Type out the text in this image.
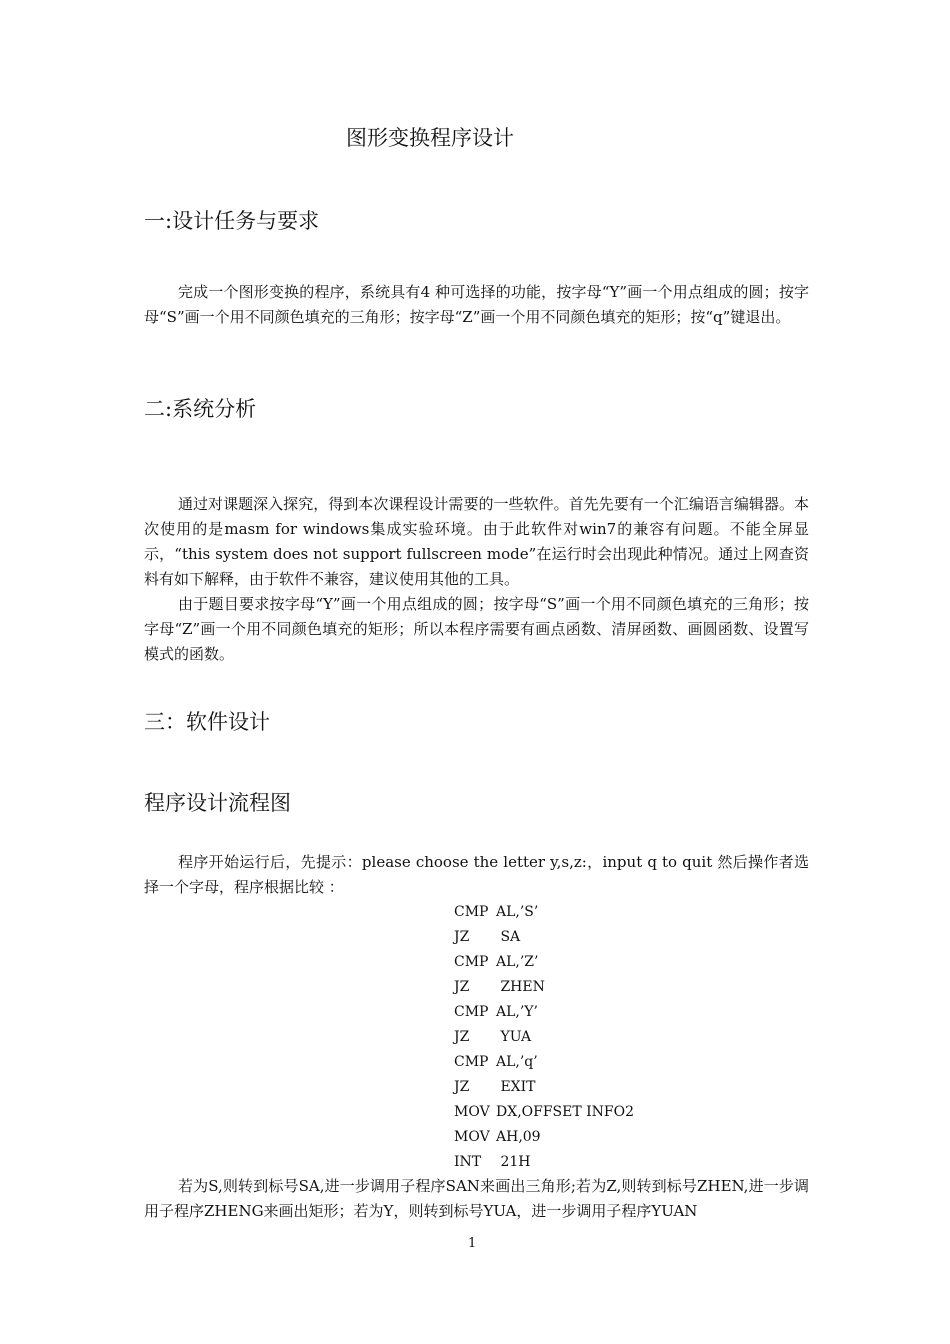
图形变换程序设计
一:设计任务与要求

完成一个图形变换的程序，系统具有4 种可选择的功能，按字母“Y”画一个用点组成的圆；按字母“S”画一个用不同颜色填充的三角形；按字母“Z”画一个用不同颜色填充的矩形；按“q”键退出。

二:系统分析

通过对课题深入探究，得到本次课程设计需要的一些软件。首先先要有一个汇编语言编辑器。本次使用的是masm for windows集成实验环境。由于此软件对win7的兼容有问题。不能全屏显示，“this system does not support fullscreen mode”在运行时会出现此种情况。通过上网查资料有如下解释，由于软件不兼容，建议使用其他的工具。

由于题目要求按字母“Y”画一个用点组成的圆；按字母“S”画一个用不同颜色填充的三角形；按字母“Z”画一个用不同颜色填充的矩形；所以本程序需要有画点函数、清屏函数、画圆函数、设置写模式的函数。

三：软件设计
程序设计流程图

程序开始运行后，先提示：please choose the letter y,s,z:，input q to quit 然后操作者选择一个字母，程序根据比较 ：

CMP AL,’S’
JZ SA
CMP AL,’Z’
JZ ZHEN
CMP AL,’Y’
JZ YUA
CMP AL,’q’
JZ EXIT
MOV DX,OFFSET INFO2
MOV AH,09
INT 21H

若为S,则转到标号SA,进一步调用子程序SAN来画出三角形;若为Z,则转到标号ZHEN,进一步调用子程序ZHENG来画出矩形；若为Y，则转到标号YUA，进一步调用子程序YUAN

1
